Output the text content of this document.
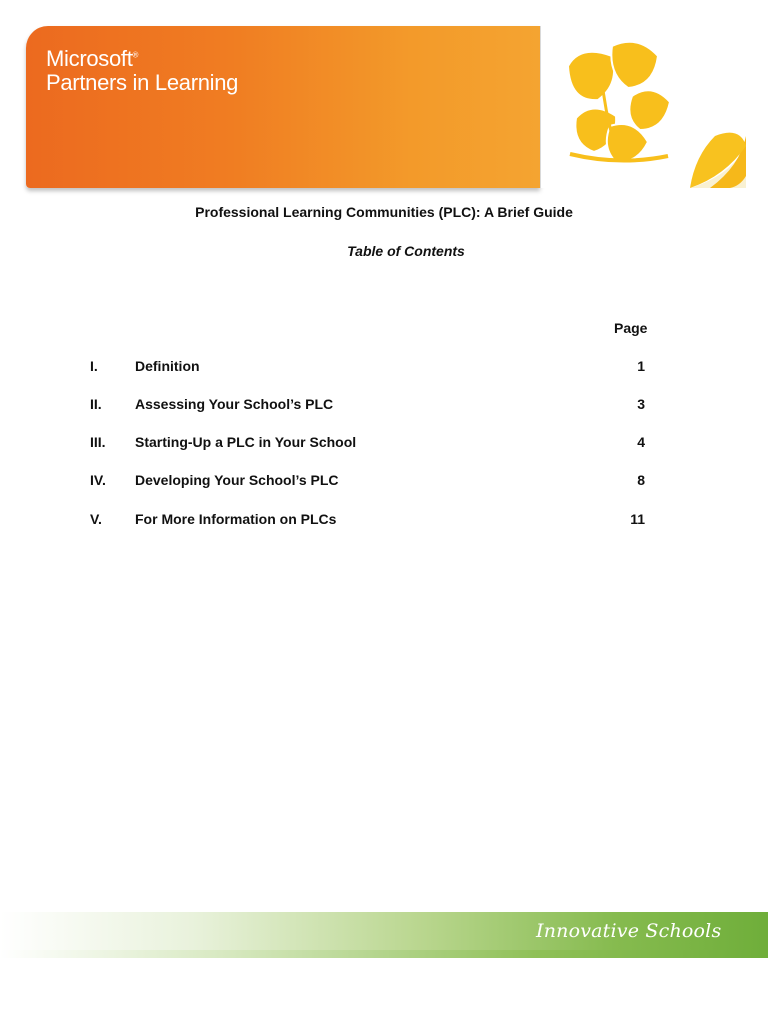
Microsoft®
Partners in Learning
Professional Learning Communities (PLC): A Brief Guide
Table of Contents
Page
I.	Definition	1
II. Assessing Your School’s PLC	3
III. Starting-Up a PLC in Your School	4
IV. Developing Your School’s PLC	8
V. For More Information on PLCs	11
Innovative Schools
